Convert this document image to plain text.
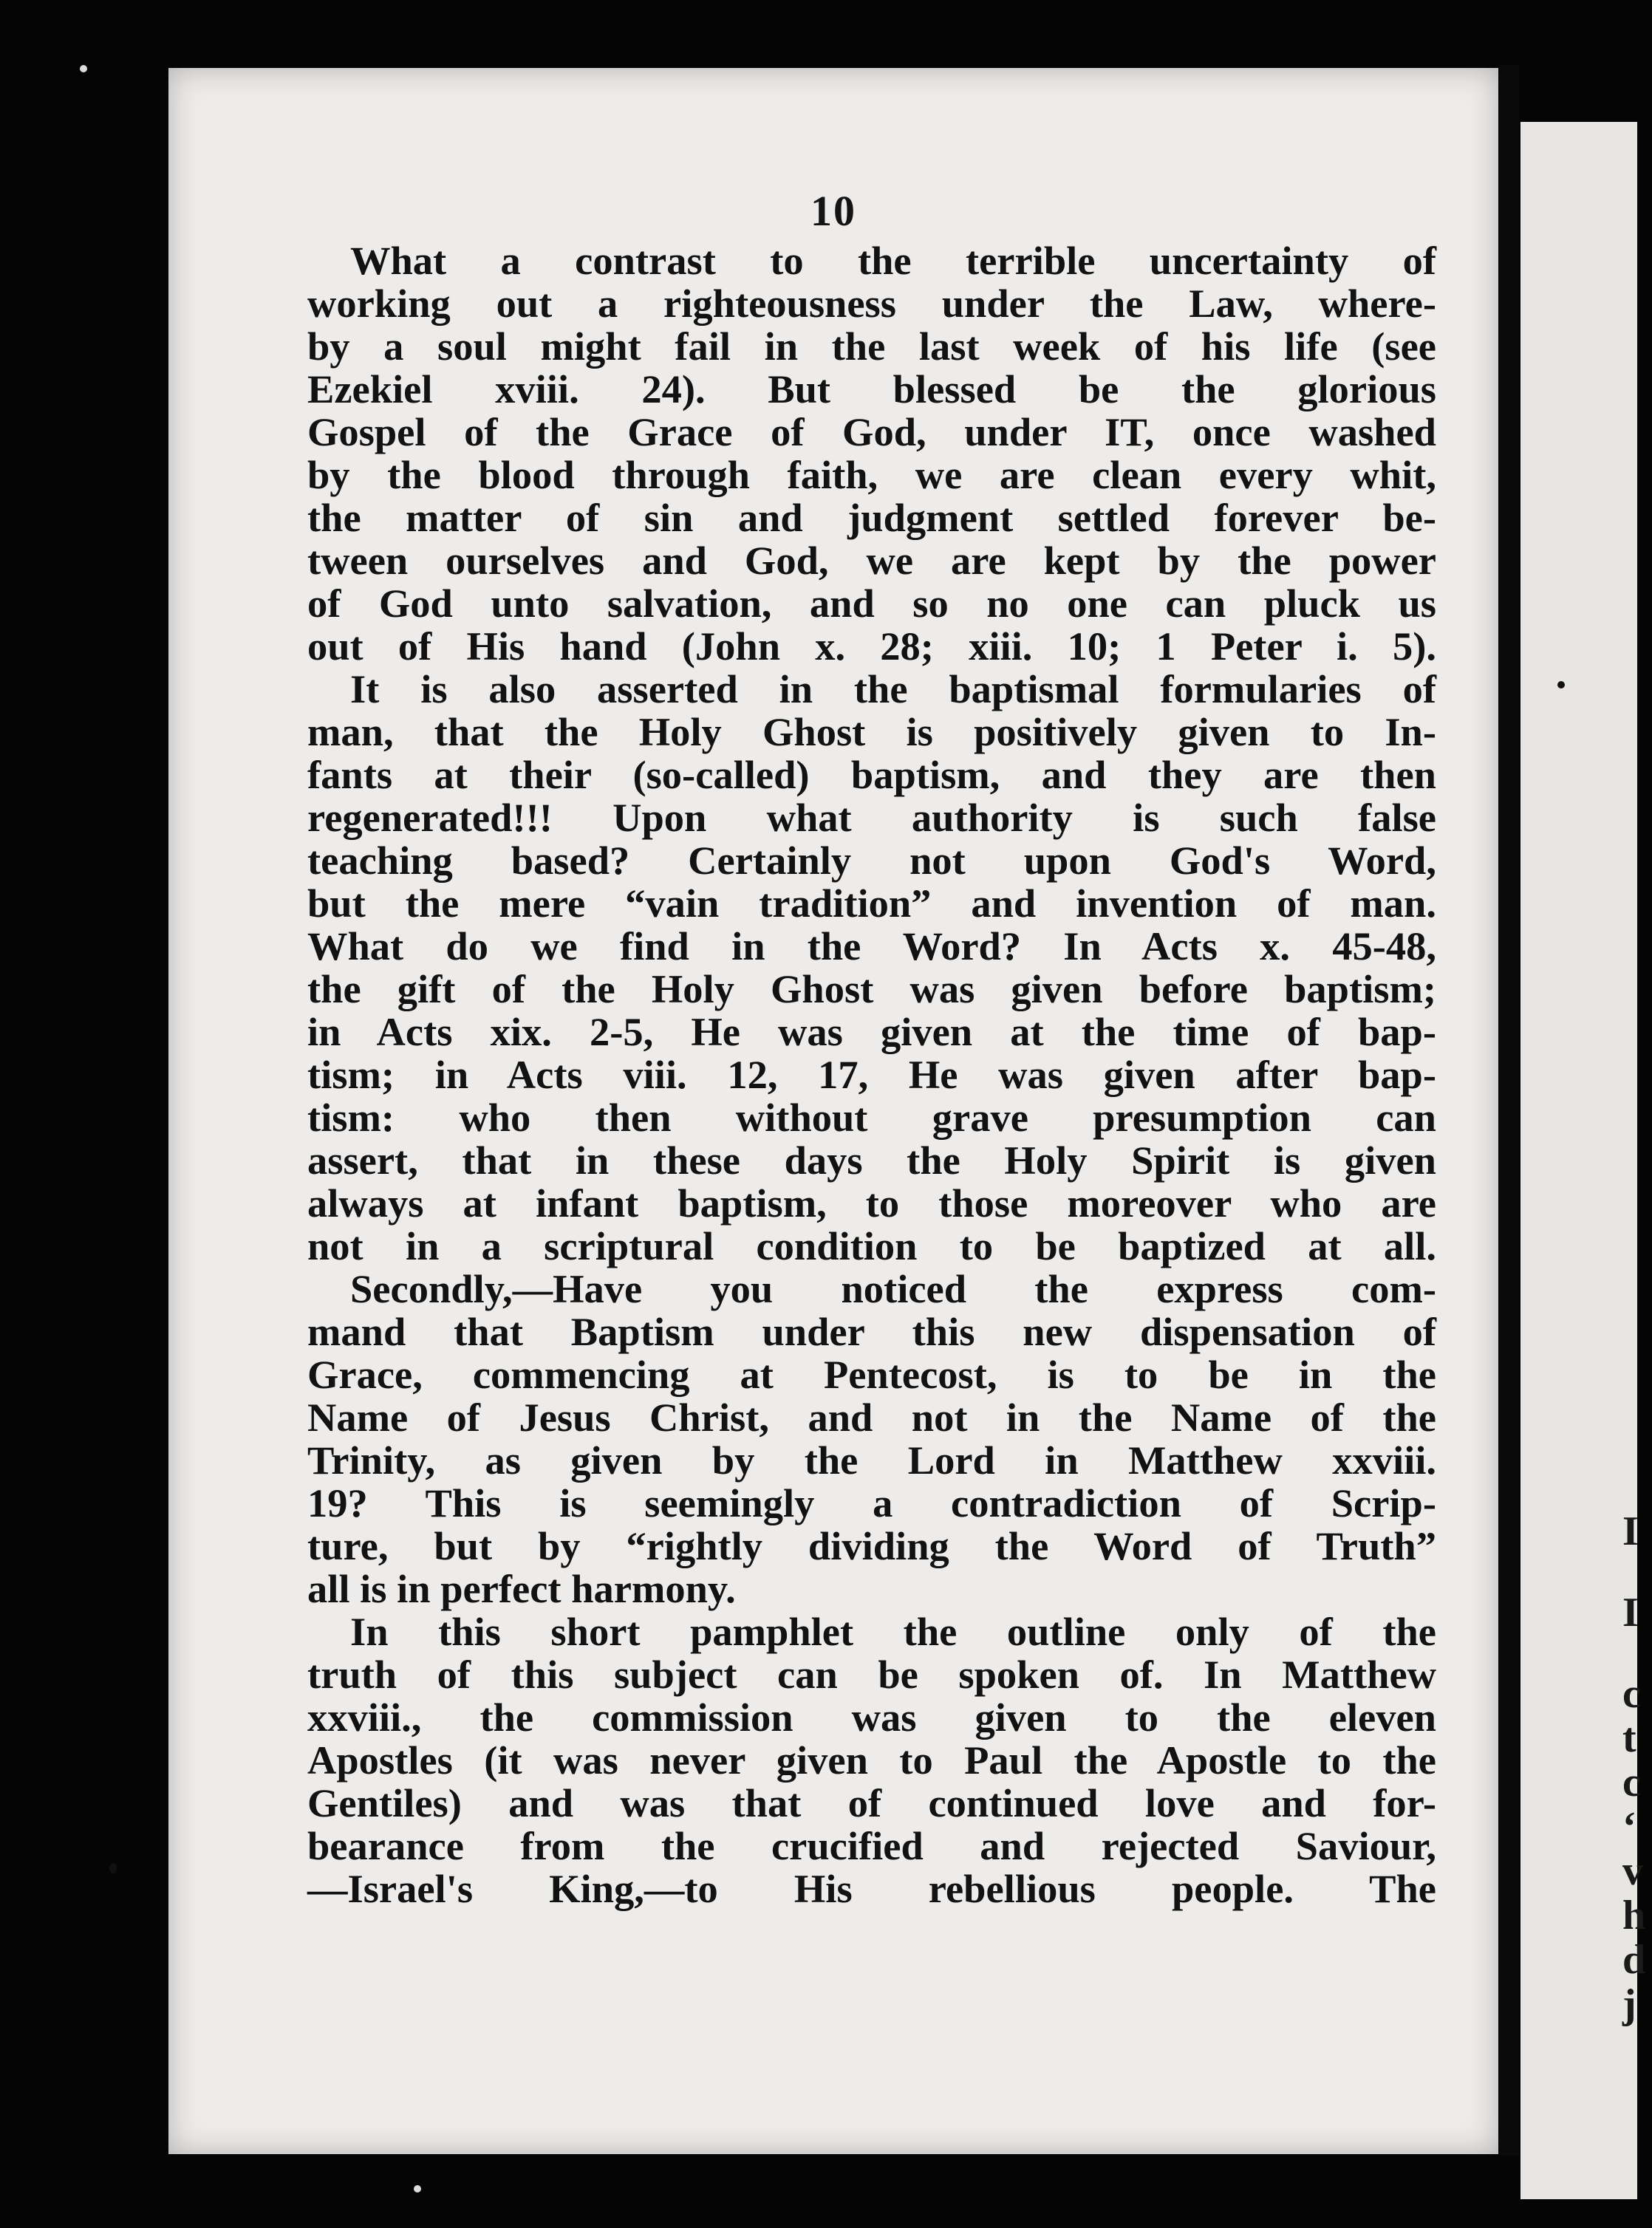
I
I
c
t
c
‘
v
h
d
j
10
What a contrast to the terrible uncertainty of
working out a righteousness under the Law, where-
by a soul might fail in the last week of his life (see
Ezekiel xviii. 24). But blessed be the glorious
Gospel of the Grace of God, under IT, once washed
by the blood through faith, we are clean every whit,
the matter of sin and judgment settled forever be-
tween ourselves and God, we are kept by the power
of God unto salvation, and so no one can pluck us
out of His hand (John x. 28; xiii. 10; 1 Peter i. 5).
It is also asserted in the baptismal formularies of
man, that the Holy Ghost is positively given to In-
fants at their (so-called) baptism, and they are then
regenerated!!! Upon what authority is such false
teaching based? Certainly not upon God's Word,
but the mere “vain tradition” and invention of man.
What do we find in the Word? In Acts x. 45-48,
the gift of the Holy Ghost was given before baptism;
in Acts xix. 2-5, He was given at the time of bap-
tism; in Acts viii. 12, 17, He was given after bap-
tism: who then without grave presumption can
assert, that in these days the Holy Spirit is given
always at infant baptism, to those moreover who are
not in a scriptural condition to be baptized at all.
Secondly,—Have you noticed the express com-
mand that Baptism under this new dispensation of
Grace, commencing at Pentecost, is to be in the
Name of Jesus Christ, and not in the Name of the
Trinity, as given by the Lord in Matthew xxviii.
19? This is seemingly a contradiction of Scrip-
ture, but by “rightly dividing the Word of Truth”
all is in perfect harmony.
In this short pamphlet the outline only of the
truth of this subject can be spoken of. In Matthew
xxviii., the commission was given to the eleven
Apostles (it was never given to Paul the Apostle to the
Gentiles) and was that of continued love and for-
bearance from the crucified and rejected Saviour,
—Israel's King,—to His rebellious people. The
